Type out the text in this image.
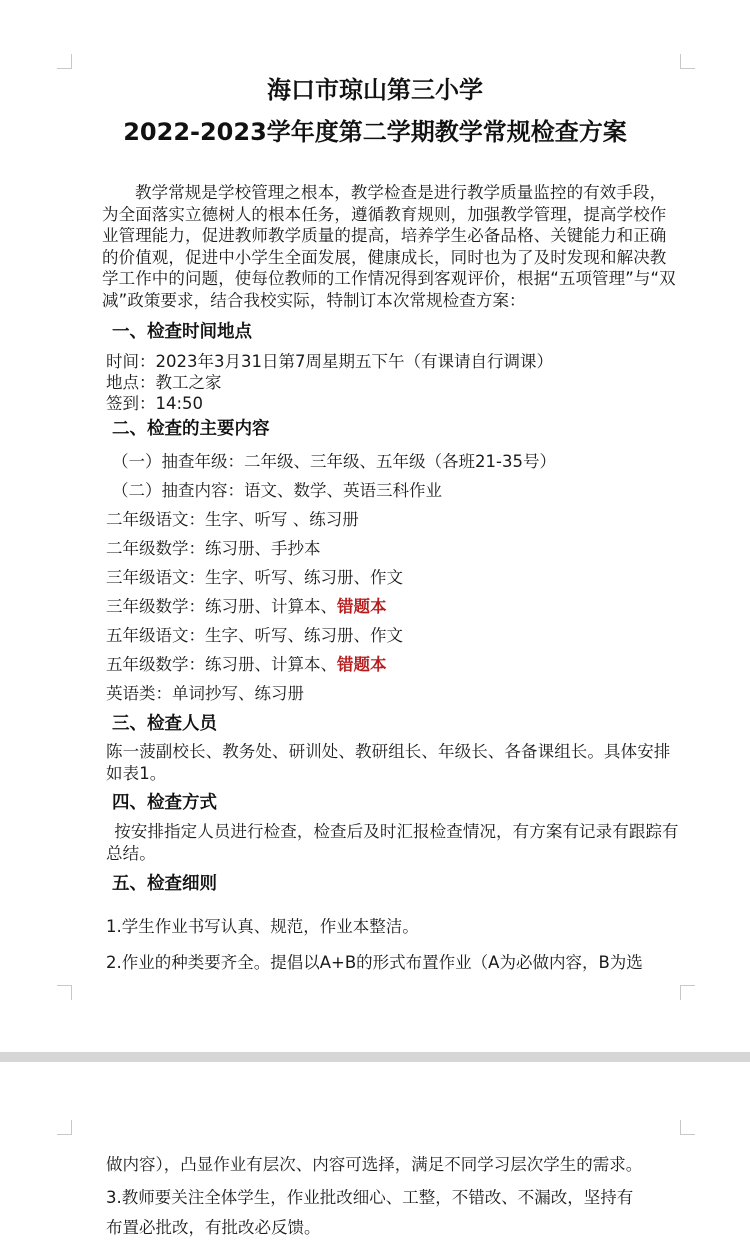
海口市琼山第三小学
2022-2023学年度第二学期教学常规检查方案
教学常规是学校管理之根本，教学检查是进行教学质量监控的有效手段，为全面落实立德树人的根本任务，遵循教育规则，加强教学管理，提高学校作业管理能力，促进教师教学质量的提高，培养学生必备品格、关键能力和正确的价值观，促进中小学生全面发展，健康成长，同时也为了及时发现和解决教学工作中的问题，使每位教师的工作情况得到客观评价，根据“五项管理”与“双减”政策要求，结合我校实际，特制订本次常规检查方案：
一、检查时间地点
时间：2023年3月31日第7周星期五下午（有课请自行调课）
地点：教工之家
签到：14:50
二、检查的主要内容
（一）抽查年级：二年级、三年级、五年级（各班21-35号）
（二）抽查内容：语文、数学、英语三科作业
二年级语文：生字、听写 、练习册
二年级数学：练习册、手抄本
三年级语文：生字、听写、练习册、作文
三年级数学：练习册、计算本、错题本
五年级语文：生字、听写、练习册、作文
五年级数学：练习册、计算本、错题本
英语类：单词抄写、练习册
三、检查人员
陈一菠副校长、教务处、研训处、教研组长、年级长、各备课组长。具体安排如表1。
四、检查方式
按安排指定人员进行检查，检查后及时汇报检查情况，有方案有记录有跟踪有总结。
五、检查细则
1.学生作业书写认真、规范，作业本整洁。
2.作业的种类要齐全。提倡以A+B的形式布置作业（A为必做内容，B为选
做内容），凸显作业有层次、内容可选择，满足不同学习层次学生的需求。
3.教师要关注全体学生，作业批改细心、工整，不错改、不漏改，坚持有
布置必批改，有批改必反馈。
